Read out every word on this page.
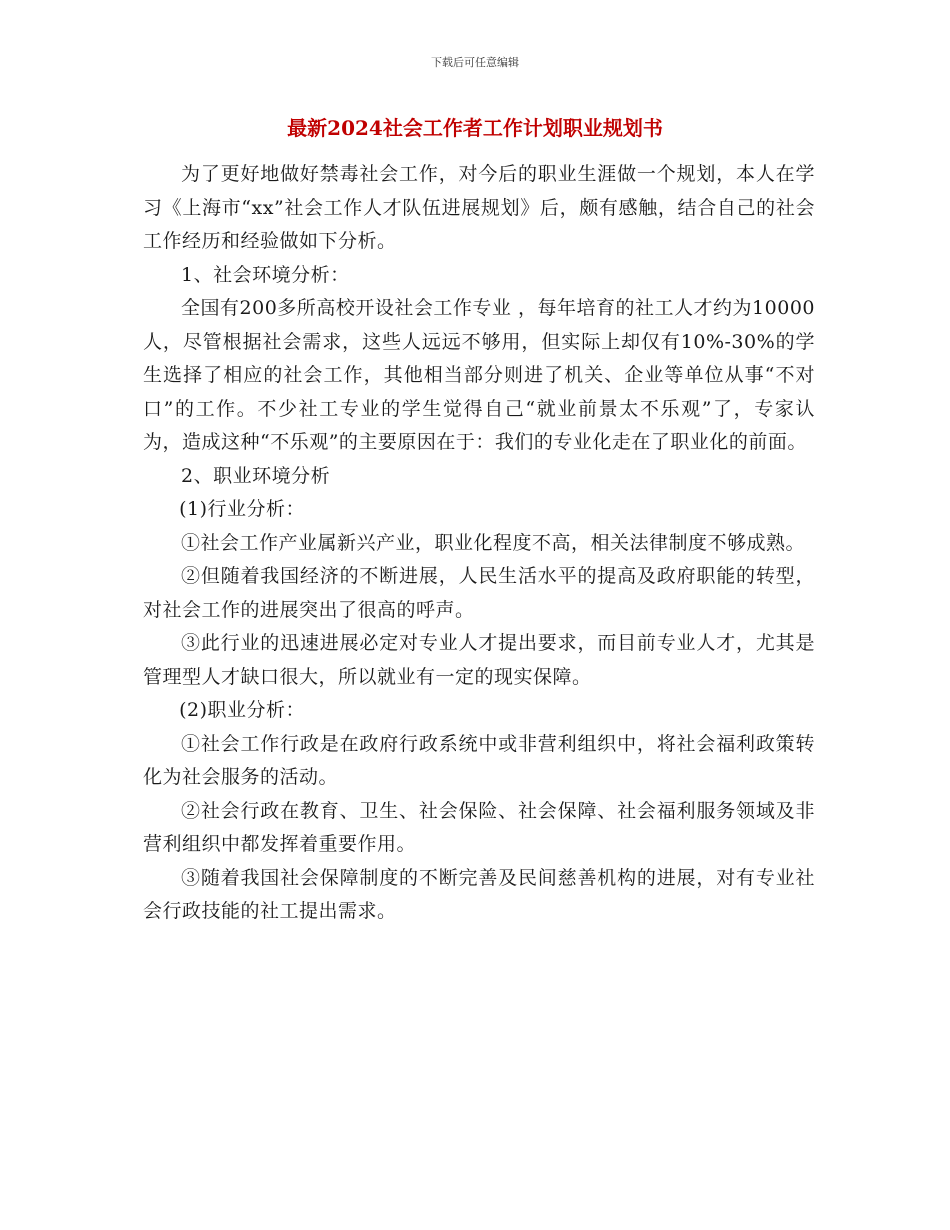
下载后可任意编辑
最新2024社会工作者工作计划职业规划书

为了更好地做好禁毒社会工作，对今后的职业生涯做一个规划，本人在学习《上海市“xx”社会工作人才队伍进展规划》后，颇有感触，结合自己的社会工作经历和经验做如下分析。

1、社会环境分析：

全国有200多所高校开设社会工作专业 ，每年培育的社工人才约为10000人，尽管根据社会需求，这些人远远不够用，但实际上却仅有10%-30%的学生选择了相应的社会工作，其他相当部分则进了机关、企业等单位从事“不对口”的工作。不少社工专业的学生觉得自己“就业前景太不乐观”了，专家认为，造成这种“不乐观”的主要原因在于：我们的专业化走在了职业化的前面。

2、职业环境分析

(1)行业分析：

①社会工作产业属新兴产业，职业化程度不高，相关法律制度不够成熟。

②但随着我国经济的不断进展，人民生活水平的提高及政府职能的转型，对社会工作的进展突出了很高的呼声。

③此行业的迅速进展必定对专业人才提出要求，而目前专业人才，尤其是管理型人才缺口很大，所以就业有一定的现实保障。

(2)职业分析：

①社会工作行政是在政府行政系统中或非营利组织中，将社会福利政策转化为社会服务的活动。

②社会行政在教育、卫生、社会保险、社会保障、社会福利服务领域及非营利组织中都发挥着重要作用。

③随着我国社会保障制度的不断完善及民间慈善机构的进展，对有专业社会行政技能的社工提出需求。
